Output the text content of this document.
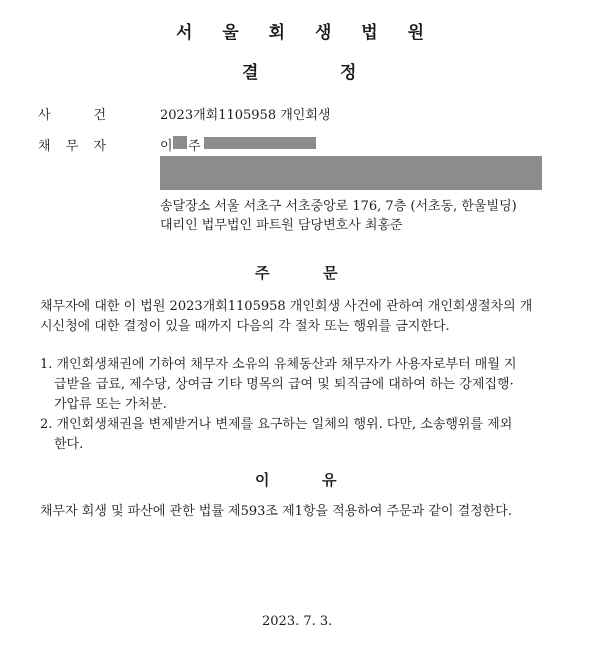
서 울 회 생 법 원
결	정
사	건	2023개회1105958 개인회생
채 무 자	이 주
송달장소 서울 서초구 서초중앙로 176, 7층 (서초동, 한울빌딩)
대리인 법무법인 파트원 담당변호사 최홍준
주	문
채무자에 대한 이 법원 2023개회1105958 개인회생 사건에 관하여 개인회생절차의 개
시신청에 대한 결정이 있을 때까지 다음의 각 절차 또는 행위를 금지한다.
1. 개인회생채권에 기하여 채무자 소유의 유체동산과 채무자가 사용자로부터 매월 지
급받을 급료, 제수당, 상여금 기타 명목의 급여 및 퇴직금에 대하여 하는 강제집행·
가압류 또는 가처분.
2. 개인회생채권을 변제받거나 변제를 요구하는 일체의 행위. 다만, 소송행위를 제외
한다.
이	유
채무자 회생 및 파산에 관한 법률 제593조 제1항을 적용하여 주문과 같이 결정한다.
2023. 7. 3.
